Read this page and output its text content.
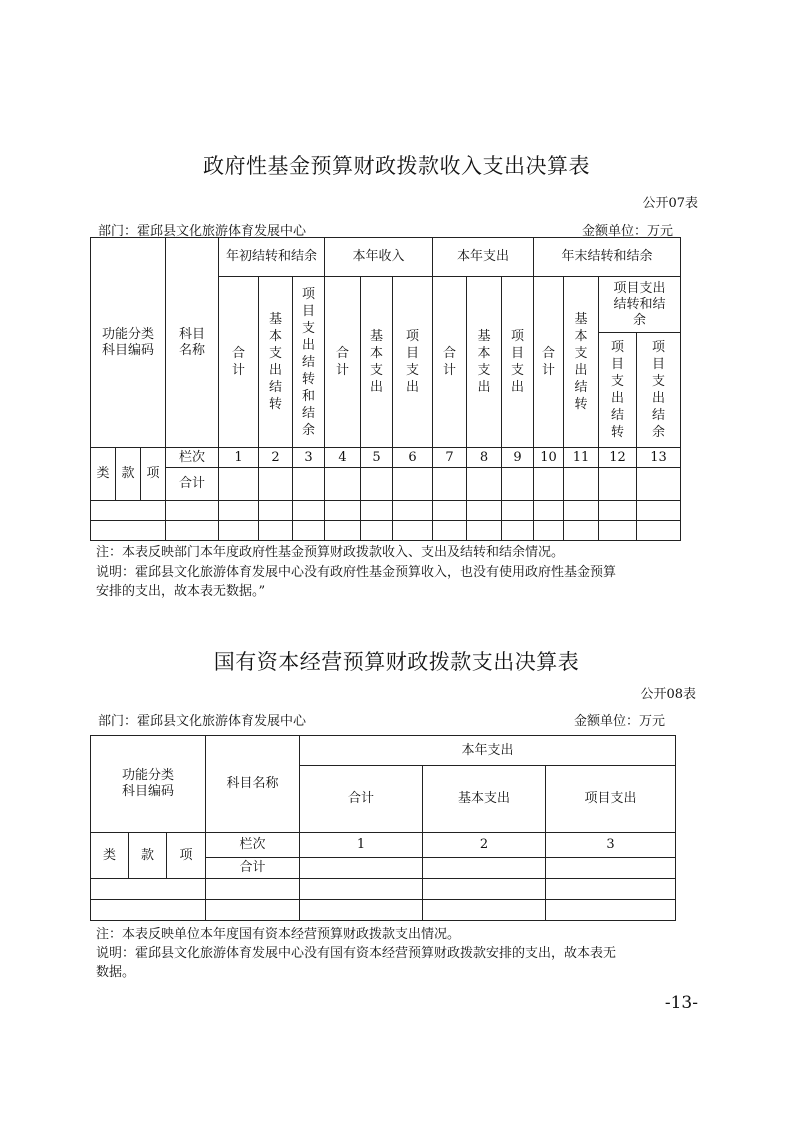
政府性基金预算财政拨款收入支出决算表
公开07表
部门：霍邱县文化旅游体育发展中心	金额单位：万元
功能分类科目编码			科目名称	年初结转和结余			本年收入			本年支出			年末结转和结余			
				合计	基本支出结转	项目支出结转和结余	合计	基本支出	项目支出	合计	基本支出	项目支出	合计	基本支出结转	项目支出结转和结余	
															项目支出结转	项目支出结余
类	款	项	栏次	1	2	3	4	5	6	7	8	9	10	11	12	13
			合计													

注：本表反映部门本年度政府性基金预算财政拨款收入、支出及结转和结余情况。
说明：霍邱县文化旅游体育发展中心没有政府性基金预算收入，也没有使用政府性基金预算
安排的支出，故本表无数据。”
国有资本经营预算财政拨款支出决算表
公开08表
部门：霍邱县文化旅游体育发展中心	金额单位：万元
功能分类
科目编码			科目名称	本年支出		
				合计	基本支出	项目支出
类	款	项	栏次	1	2	3
			合计			

注：本表反映单位本年度国有资本经营预算财政拨款支出情况。
说明：霍邱县文化旅游体育发展中心没有国有资本经营预算财政拨款安排的支出，故本表无
数据。
-13-
